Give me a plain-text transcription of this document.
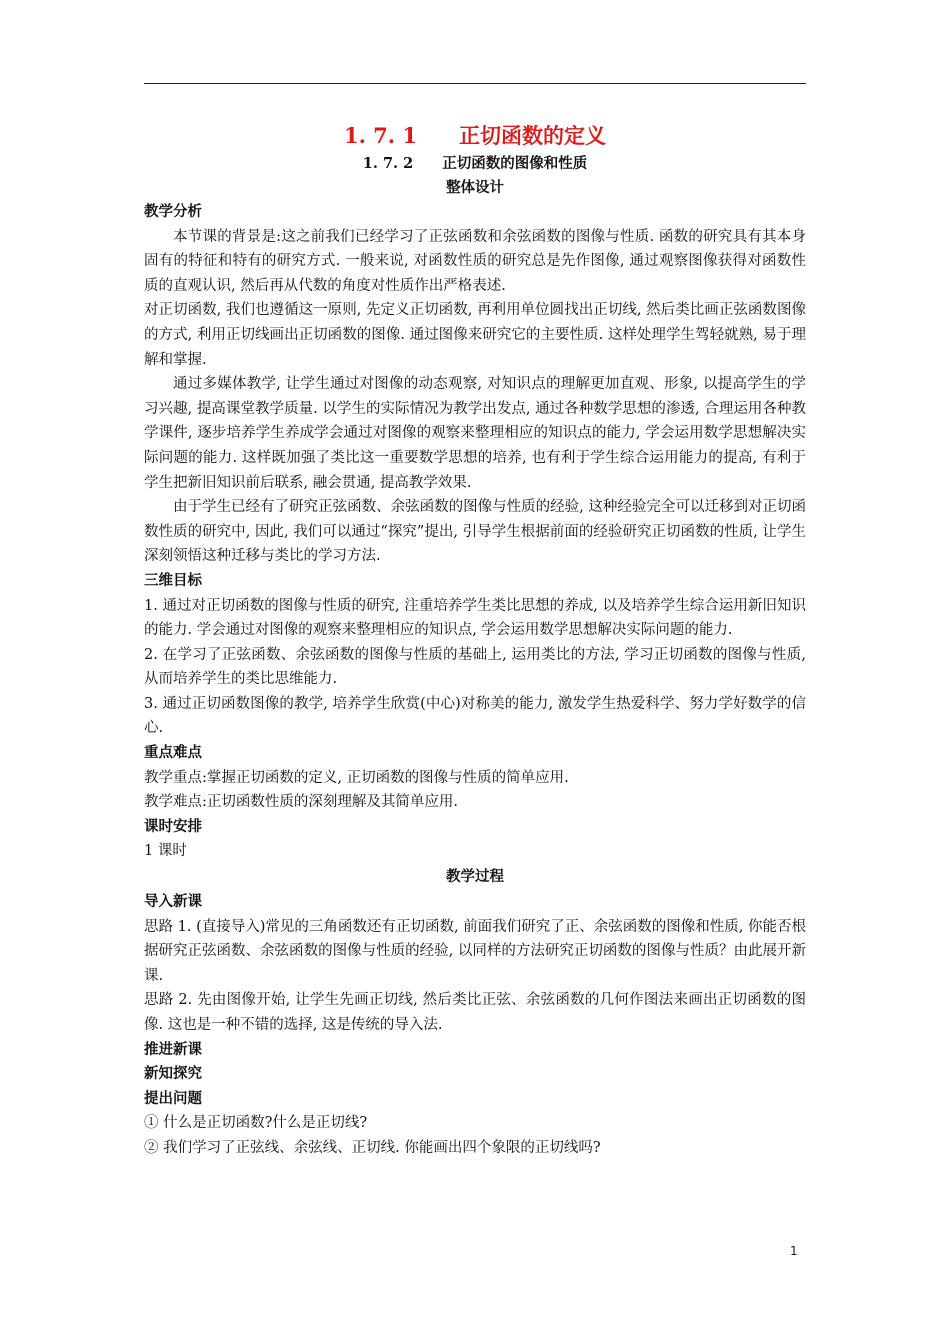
1. 7. 1　　正切函数的定义
1. 7. 2　　正切函数的图像和性质
整体设计
教学分析

本节课的背景是:这之前我们已经学习了正弦函数和余弦函数的图像与性质. 函数的研究具有其本身固有的特征和特有的研究方式. 一般来说, 对函数性质的研究总是先作图像, 通过观察图像获得对函数性质的直观认识, 然后再从代数的角度对性质作出严格表述.

对正切函数, 我们也遵循这一原则, 先定义正切函数, 再利用单位圆找出正切线, 然后类比画正弦函数图像的方式, 利用正切线画出正切函数的图像. 通过图像来研究它的主要性质. 这样处理学生驾轻就熟, 易于理解和掌握.

通过多媒体教学, 让学生通过对图像的动态观察, 对知识点的理解更加直观、形象, 以提高学生的学习兴趣, 提高课堂教学质量. 以学生的实际情况为教学出发点, 通过各种数学思想的渗透, 合理运用各种教学课件, 逐步培养学生养成学会通过对图像的观察来整理相应的知识点的能力, 学会运用数学思想解决实际问题的能力. 这样既加强了类比这一重要数学思想的培养, 也有利于学生综合运用能力的提高, 有利于学生把新旧知识前后联系, 融会贯通, 提高教学效果.

由于学生已经有了研究正弦函数、余弦函数的图像与性质的经验, 这种经验完全可以迁移到对正切函数性质的研究中, 因此, 我们可以通过“探究”提出, 引导学生根据前面的经验研究正切函数的性质, 让学生深刻领悟这种迁移与类比的学习方法.

三维目标

1. 通过对正切函数的图像与性质的研究, 注重培养学生类比思想的养成, 以及培养学生综合运用新旧知识的能力. 学会通过对图像的观察来整理相应的知识点, 学会运用数学思想解决实际问题的能力.

2. 在学习了正弦函数、余弦函数的图像与性质的基础上, 运用类比的方法, 学习正切函数的图像与性质, 从而培养学生的类比思维能力.

3. 通过正切函数图像的教学, 培养学生欣赏(中心)对称美的能力, 激发学生热爱科学、努力学好数学的信心.

重点难点

教学重点:掌握正切函数的定义, 正切函数的图像与性质的简单应用.

教学难点:正切函数性质的深刻理解及其简单应用.

课时安排

1 课时

教学过程
导入新课

思路 1. (直接导入)常见的三角函数还有正切函数, 前面我们研究了正、余弦函数的图像和性质, 你能否根据研究正弦函数、余弦函数的图像与性质的经验, 以同样的方法研究正切函数的图像与性质？由此展开新课.

思路 2. 先由图像开始, 让学生先画正切线, 然后类比正弦、余弦函数的几何作图法来画出正切函数的图像. 这也是一种不错的选择, 这是传统的导入法.

推进新课
新知探究
提出问题

① 什么是正切函数?什么是正切线?

② 我们学习了正弦线、余弦线、正切线. 你能画出四个象限的正切线吗?

1
